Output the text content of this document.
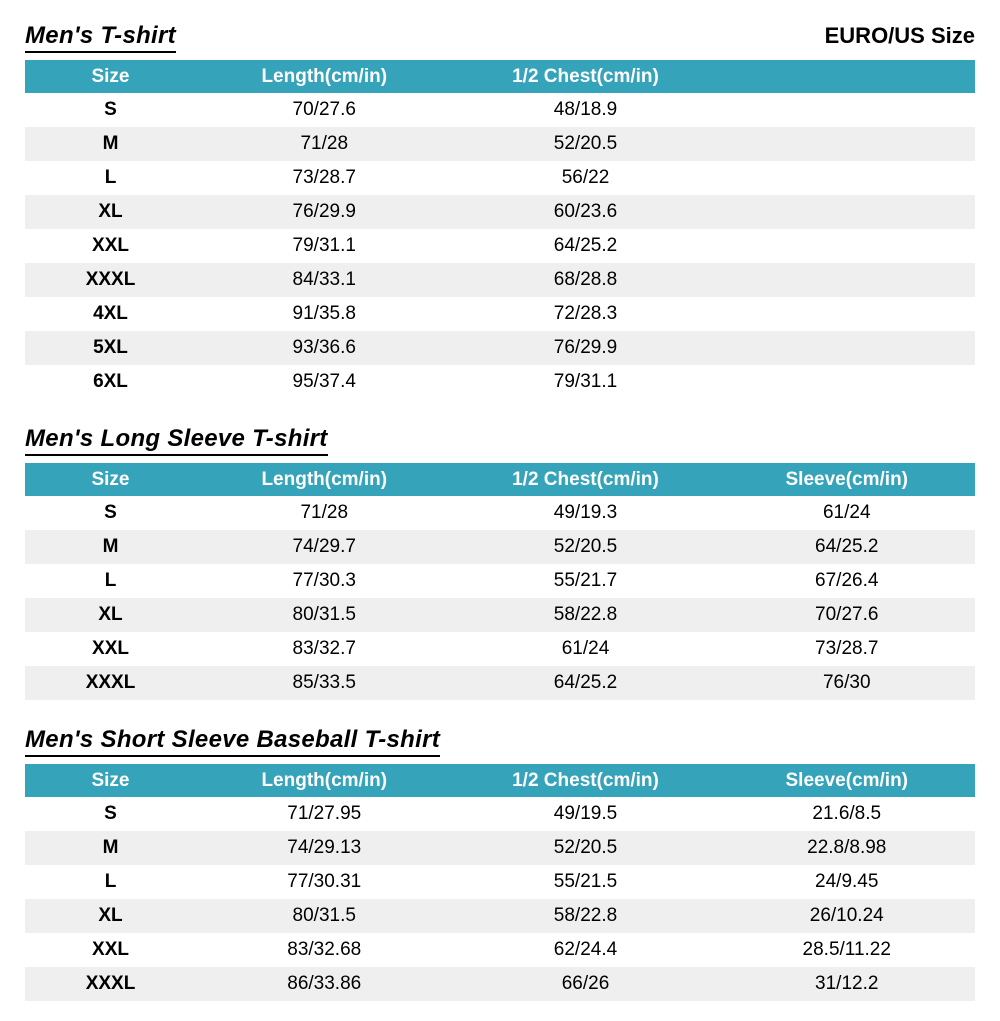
Men's T-shirt	EURO/US Size
Size	Length(cm/in)	1/2 Chest(cm/in)	
S	70/27.6	48/18.9	
M	71/28	52/20.5	
L	73/28.7	56/22	
XL	76/29.9	60/23.6	
XXL	79/31.1	64/25.2	
XXXL	84/33.1	68/28.8	
4XL	91/35.8	72/28.3	
5XL	93/36.6	76/29.9	
6XL	95/37.4	79/31.1	
Men's Long Sleeve T-shirt
Size	Length(cm/in)	1/2 Chest(cm/in)	Sleeve(cm/in)
S	71/28	49/19.3	61/24
M	74/29.7	52/20.5	64/25.2
L	77/30.3	55/21.7	67/26.4
XL	80/31.5	58/22.8	70/27.6
XXL	83/32.7	61/24	73/28.7
XXXL	85/33.5	64/25.2	76/30
Men's Short Sleeve Baseball T-shirt
Size	Length(cm/in)	1/2 Chest(cm/in)	Sleeve(cm/in)
S	71/27.95	49/19.5	21.6/8.5
M	74/29.13	52/20.5	22.8/8.98
L	77/30.31	55/21.5	24/9.45
XL	80/31.5	58/22.8	26/10.24
XXL	83/32.68	62/24.4	28.5/11.22
XXXL	86/33.86	66/26	31/12.2
